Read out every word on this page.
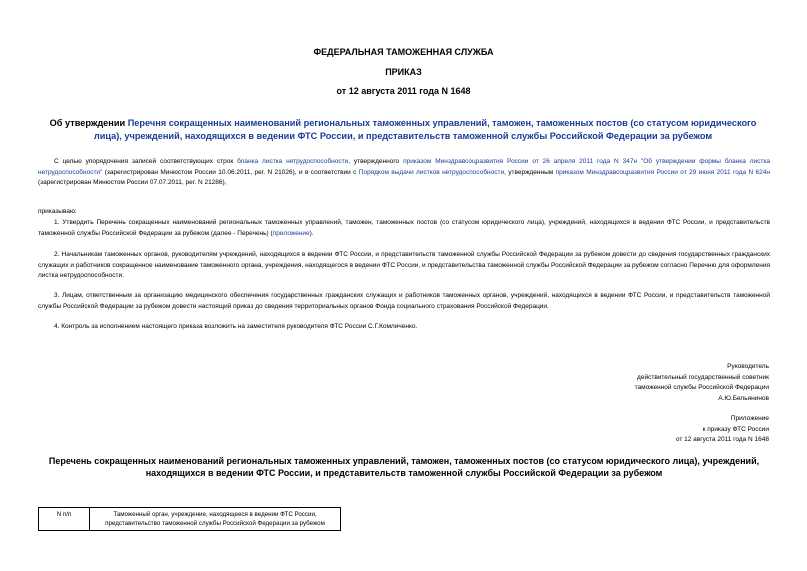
ФЕДЕРАЛЬНАЯ ТАМОЖЕННАЯ СЛУЖБА
ПРИКАЗ
от 12 августа 2011 года N 1648
Об утверждении Перечня сокращенных наименований региональных таможенных управлений, таможен, таможенных постов (со статусом юридического лица), учреждений, находящихся в ведении ФТС России, и представительств таможенной службы Российской Федерации за рубежом
С целью упорядочения записей соответствующих строк бланка листка нетрудоспособности, утвержденного приказом Минздравсоцразвития России от 26 апреля 2011 года N 347н "Об утверждении формы бланка листка нетрудоспособности" (зарегистрирован Минюстом России 10.06.2011, рег. N 21026), и в соответствии с Порядком выдачи листков нетрудоспособности, утвержденным приказом Минздравсоцразвития России от 29 июня 2011 года N 624н (зарегистрирован Минюстом России 07.07.2011, рег. N 21286),
приказываю:
1. Утвердить Перечень сокращенных наименований региональных таможенных управлений, таможен, таможенных постов (со статусом юридического лица), учреждений, находящихся в ведении ФТС России, и представительств таможенной службы Российской Федерации за рубежом (далее - Перечень) (приложение).
2. Начальникам таможенных органов, руководителям учреждений, находящихся в ведении ФТС России, и представительств таможенной службы Российской Федерации за рубежом довести до сведения государственных гражданских служащих и работников сокращенное наименование таможенного органа, учреждения, находящегося в ведении ФТС России, и представительства таможенной службы Российской Федерации за рубежом согласно Перечню для оформления листка нетрудоспособности.
3. Лицам, ответственным за организацию медицинского обеспечения государственных гражданских служащих и работников таможенных органов, учреждений, находящихся в ведении ФТС России, и представительств таможенной службы Российской Федерации за рубежом довести настоящий приказ до сведения территориальных органов Фонда социального страхования Российской Федерации.
4. Контроль за исполнением настоящего приказа возложить на заместителя руководителя ФТС России С.Г.Комличенко.
Руководитель
действительный государственный советник
таможенной службы Российской Федерации
А.Ю.Бельянинов
Приложение
к приказу ФТС России
от 12 августа 2011 года N 1648
Перечень сокращенных наименований региональных таможенных управлений, таможен, таможенных постов (со статусом юридического лица), учреждений, находящихся в ведении ФТС России, и представительств таможенной службы Российской Федерации за рубежом
N п/п	Таможенный орган, учреждение, находящееся в ведении ФТС России,
представительство таможенной службы Российской Федерации за рубежом
